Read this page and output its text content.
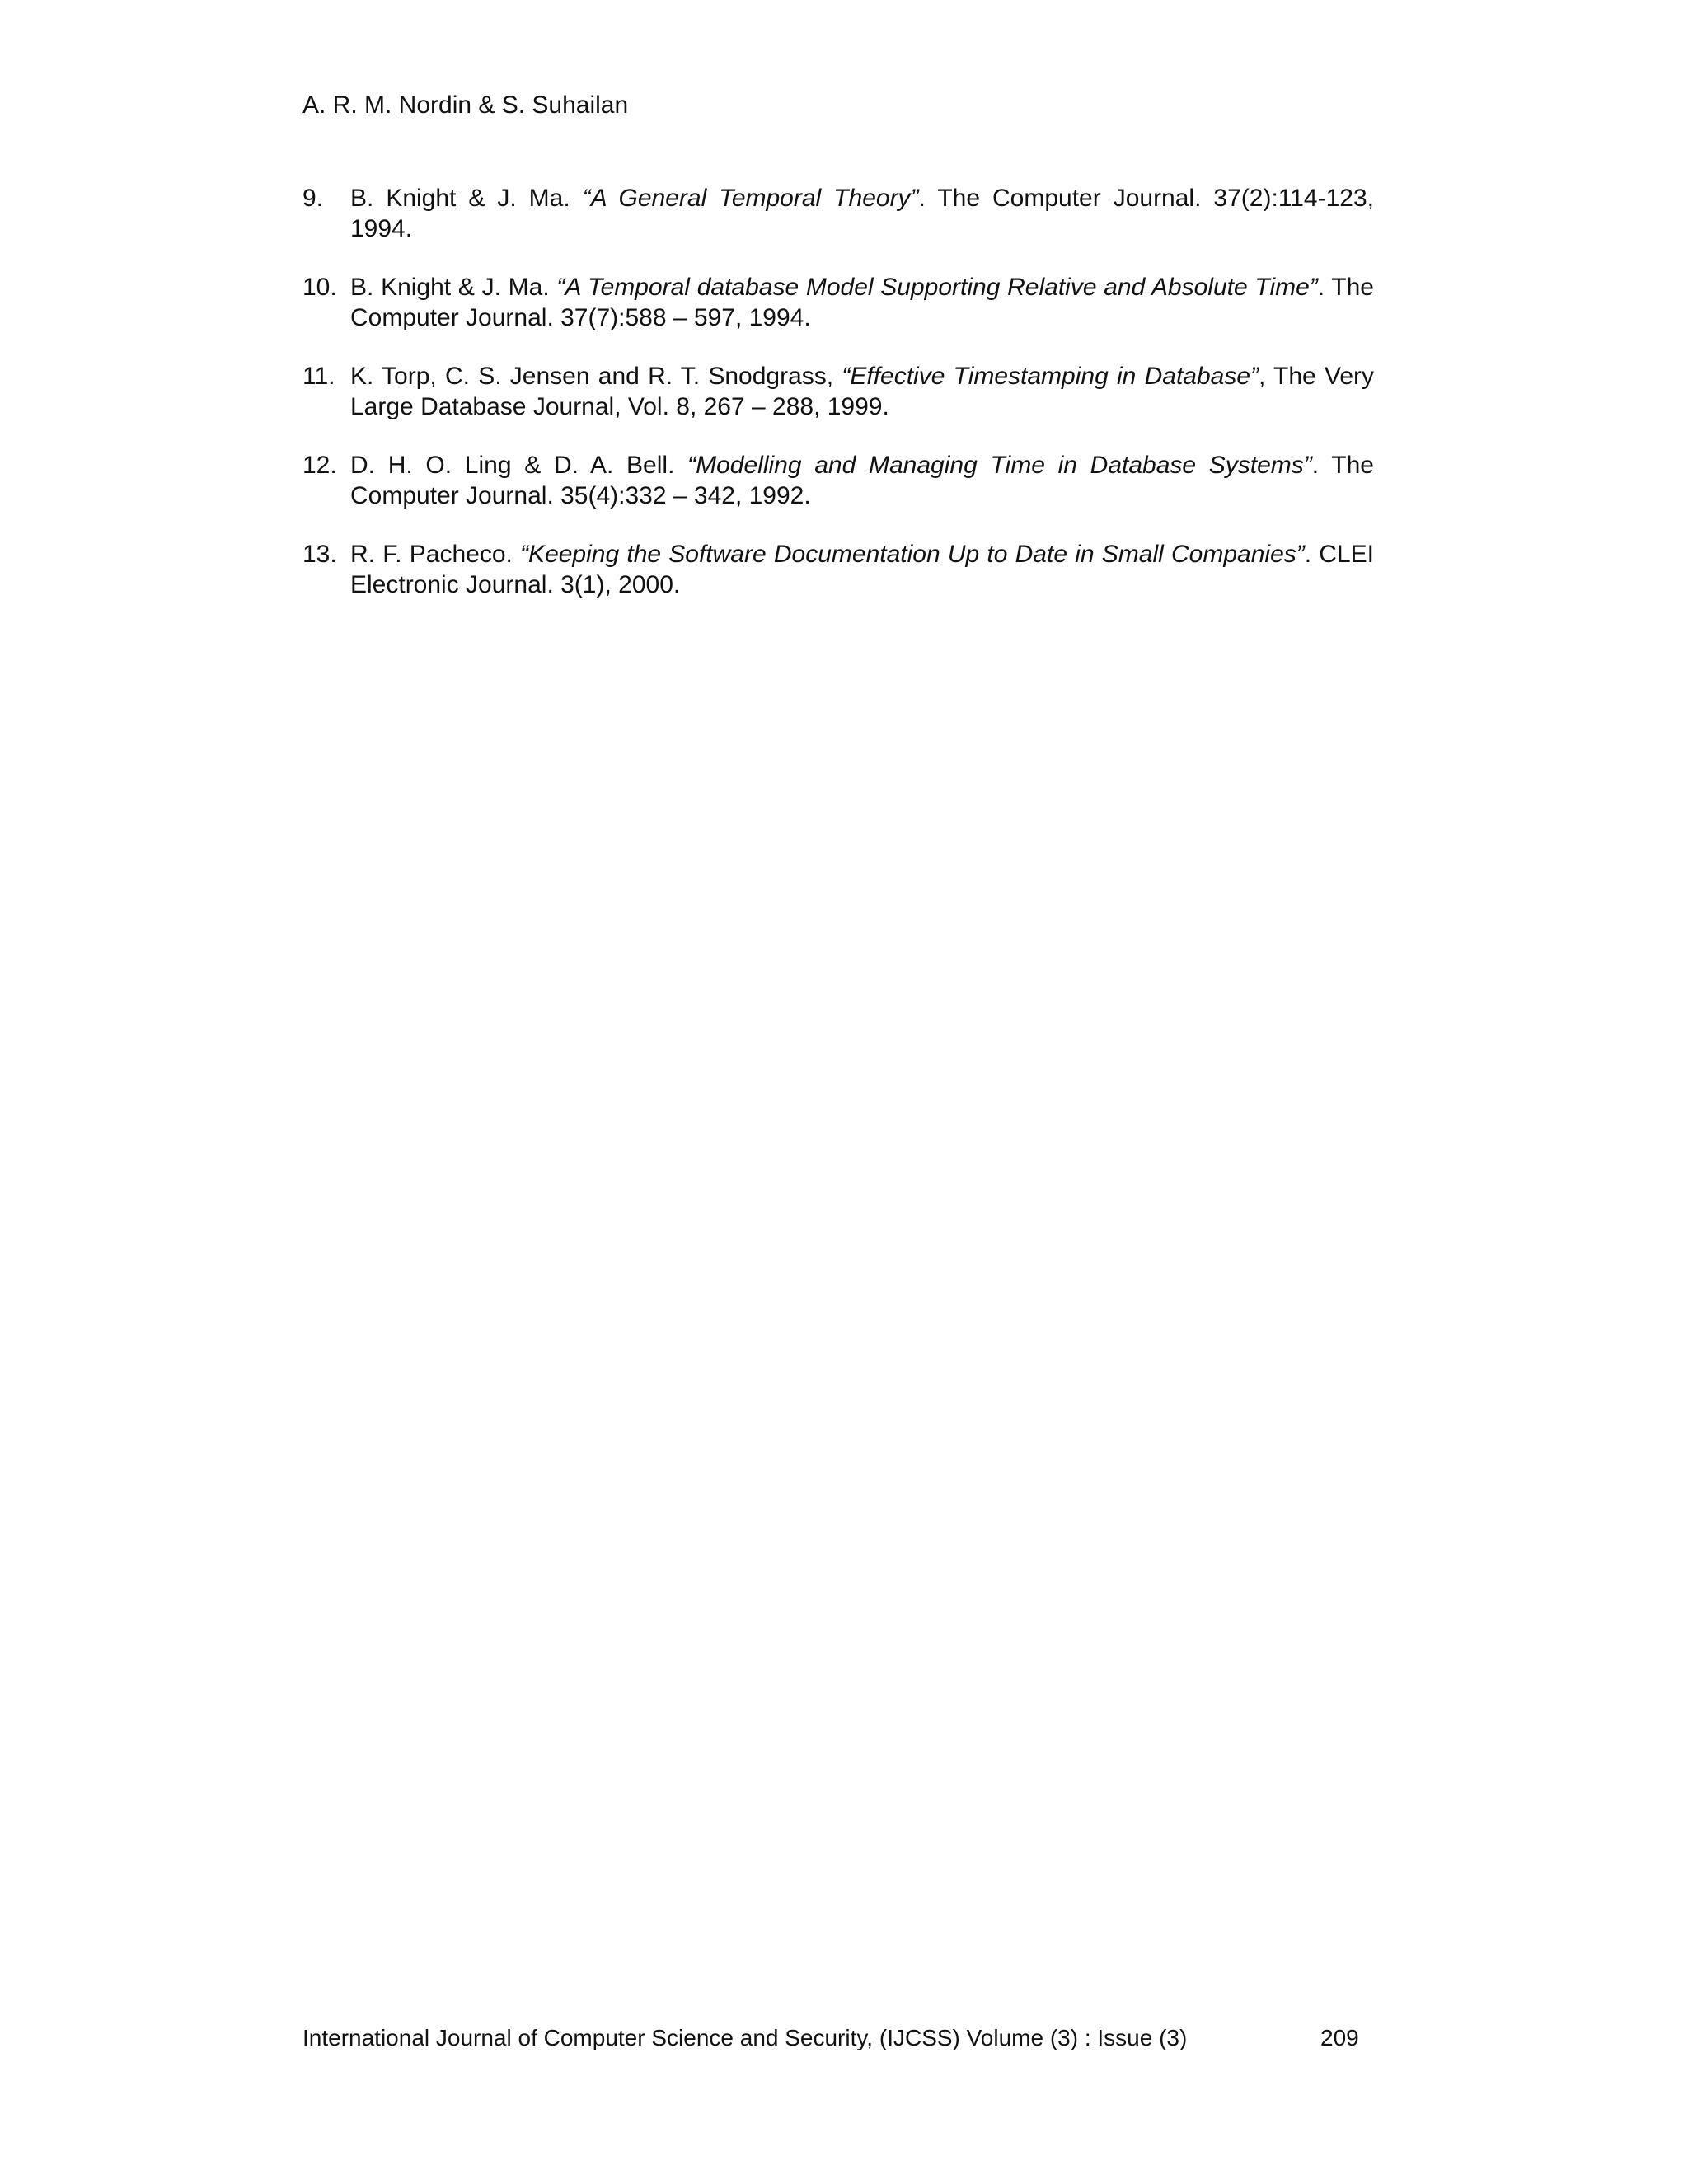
A. R. M. Nordin & S. Suhailan
9.	B. Knight & J. Ma. “A General Temporal Theory”. The Computer Journal. 37(2):114-123, 1994.
10. B. Knight & J. Ma. “A Temporal database Model Supporting Relative and Absolute Time”. The Computer Journal. 37(7):588 – 597, 1994.
11. K. Torp, C. S. Jensen and R. T. Snodgrass, “Effective Timestamping in Database”, The Very Large Database Journal, Vol. 8, 267 – 288, 1999.
12. D. H. O. Ling & D. A. Bell. “Modelling and Managing Time in Database Systems”. The Computer Journal. 35(4):332 – 342, 1992.
13. R. F. Pacheco. “Keeping the Software Documentation Up to Date in Small Companies”. CLEI Electronic Journal. 3(1), 2000.
International Journal of Computer Science and Security, (IJCSS) Volume (3) : Issue (3)	209
